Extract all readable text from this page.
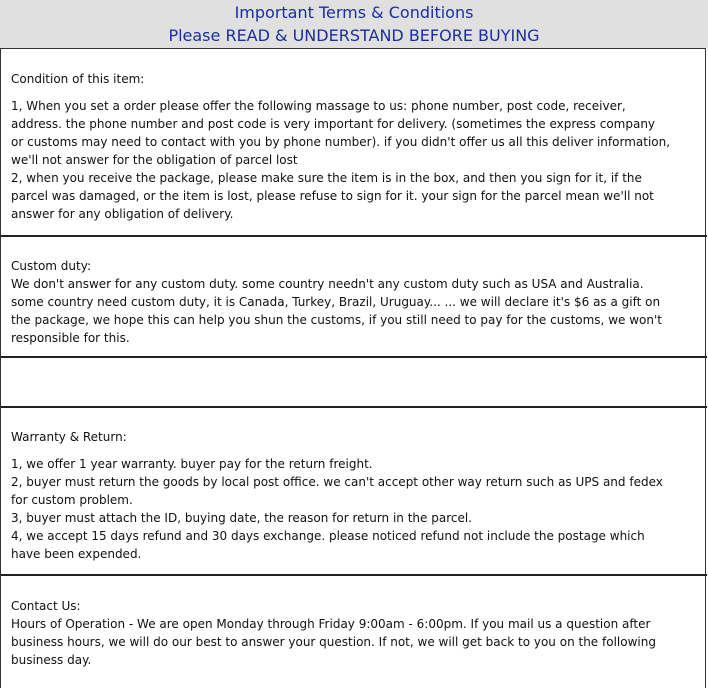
Important Terms & Conditions
Please READ & UNDERSTAND BEFORE BUYING

Condition of this item:

1, When you set a order please offer the following massage to us: phone number, post code, receiver,

address. the phone number and post code is very important for delivery. (sometimes the express company

or customs may need to contact with you by phone number). if you didn't offer us all this deliver information,

we'll not answer for the obligation of parcel lost

2, when you receive the package, please make sure the item is in the box, and then you sign for it, if the

parcel was damaged, or the item is lost, please refuse to sign for it. your sign for the parcel mean we'll not

answer for any obligation of delivery.

Custom duty:

We don't answer for any custom duty. some country needn't any custom duty such as USA and Australia.

some country need custom duty, it is Canada, Turkey, Brazil, Uruguay... ... we will declare it's $6 as a gift on

the package, we hope this can help you shun the customs, if you still need to pay for the customs, we won't

responsible for this.

Warranty & Return:

1, we offer 1 year warranty. buyer pay for the return freight.

2, buyer must return the goods by local post office. we can't accept other way return such as UPS and fedex

for custom problem.

3, buyer must attach the ID, buying date, the reason for return in the parcel.

4, we accept 15 days refund and 30 days exchange. please noticed refund not include the postage which

have been expended.

Contact Us:

Hours of Operation - We are open Monday through Friday 9:00am - 6:00pm. If you mail us a question after

business hours, we will do our best to answer your question. If not, we will get back to you on the following

business day.
